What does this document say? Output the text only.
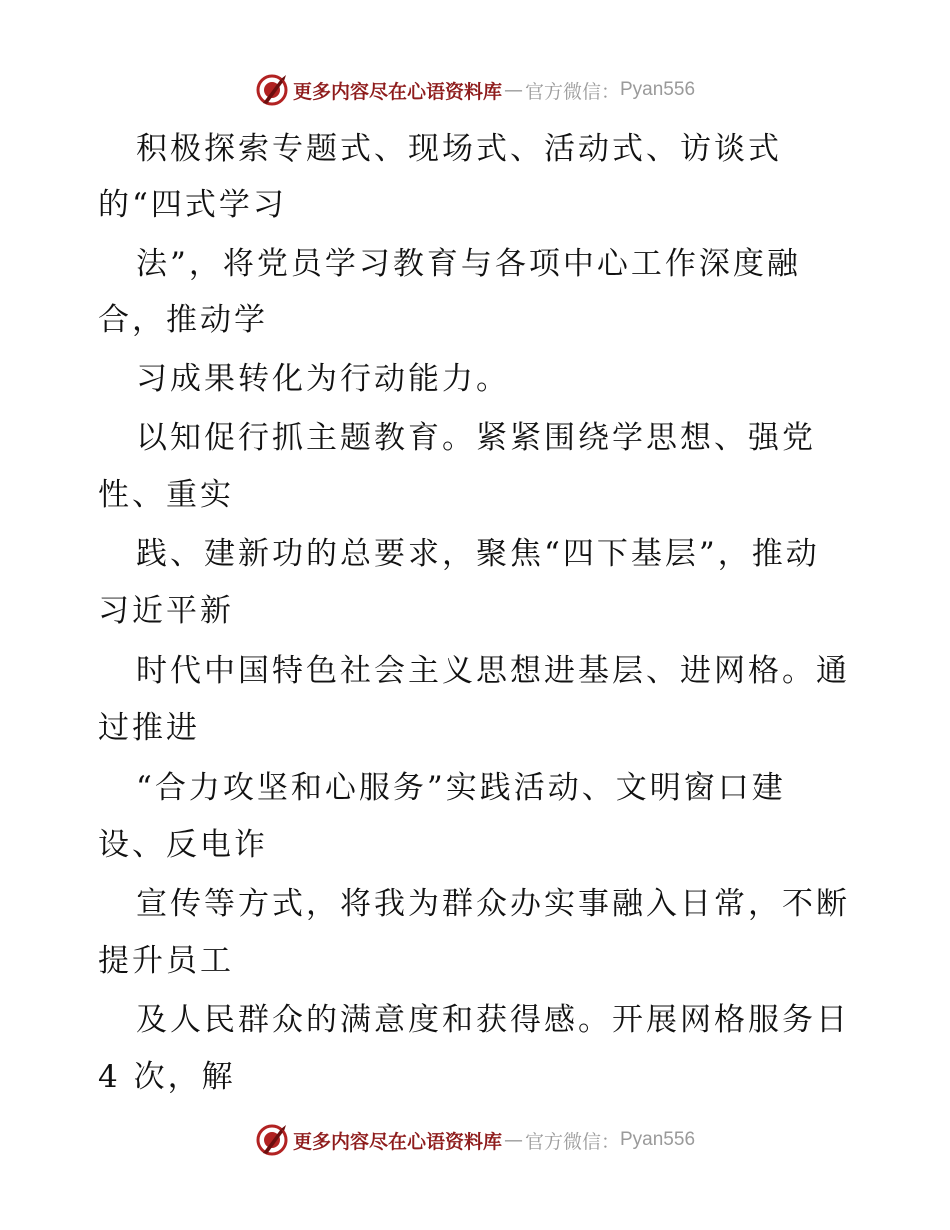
更多内容尽在心语资料库 — 官方微信： Pyan556
积极探索专题式、现场式、活动式、访谈式
的“四式学习
法”，将党员学习教育与各项中心工作深度融
合，推动学
习成果转化为行动能力。
以知促行抓主题教育。紧紧围绕学思想、强党
性、重实
践、建新功的总要求，聚焦“四下基层”，推动
习近平新
时代中国特色社会主义思想进基层、进网格。通
过推进
“合力攻坚和心服务”实践活动、文明窗口建
设、反电诈
宣传等方式，将我为群众办实事融入日常，不断
提升员工
及人民群众的满意度和获得感。开展网格服务日
4 次，解
更多内容尽在心语资料库 — 官方微信： Pyan556
